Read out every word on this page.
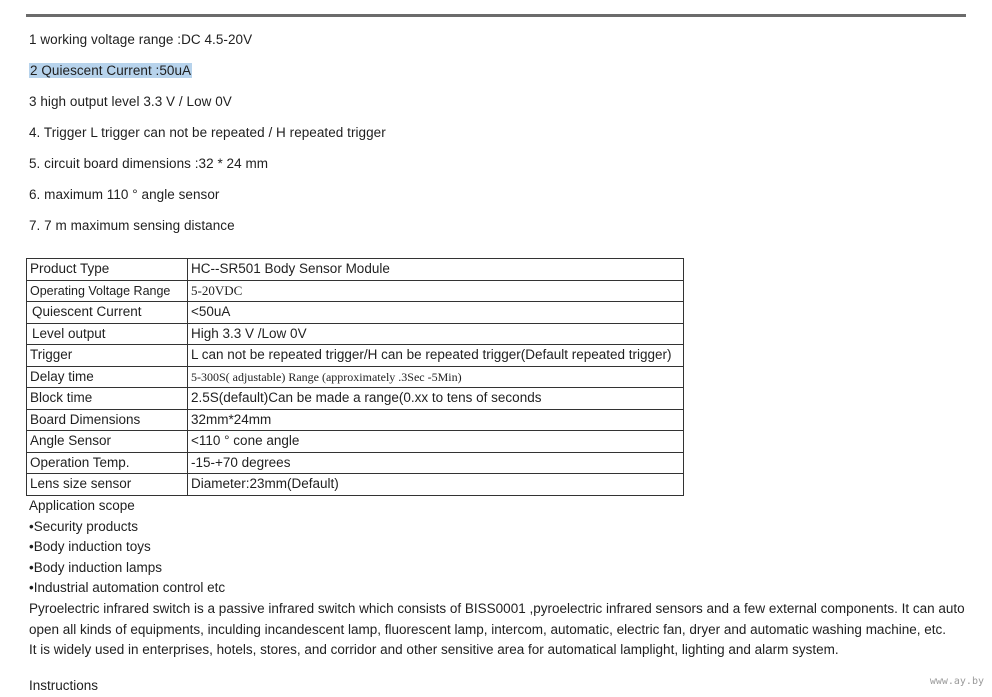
1 working voltage range :DC 4.5-20V
2 Quiescent Current :50uA
3 high output level 3.3 V / Low 0V
4. Trigger L trigger can not be repeated / H repeated trigger
5. circuit board dimensions :32 * 24 mm
6. maximum 110 ° angle sensor
7. 7 m maximum sensing distance
Product Type	HC--SR501 Body Sensor Module
Operating Voltage Range	5-20VDC
Quiescent Current	<50uA
Level output	High 3.3 V /Low 0V
Trigger	L can not be repeated trigger/H can be repeated trigger(Default repeated trigger)
Delay time	5-300S( adjustable) Range (approximately .3Sec -5Min)
Block time	2.5S(default)Can be made a range(0.xx to tens of seconds
Board Dimensions	32mm*24mm
Angle Sensor	<110 ° cone angle
Operation Temp.	-15-+70 degrees
Lens size sensor	Diameter:23mm(Default)
Application scope
•Security products
•Body induction toys
•Body induction lamps
•Industrial automation control etc
Pyroelectric infrared switch is a passive infrared switch which consists of BISS0001 ,pyroelectric infrared sensors and a few external components. It can auto
open all kinds of equipments, inculding incandescent lamp, fluorescent lamp, intercom, automatic, electric fan, dryer and automatic washing machine, etc.
It is widely used in enterprises, hotels, stores, and corridor and other sensitive area for automatical lamplight, lighting and alarm system.
Instructions	www.ay.by
